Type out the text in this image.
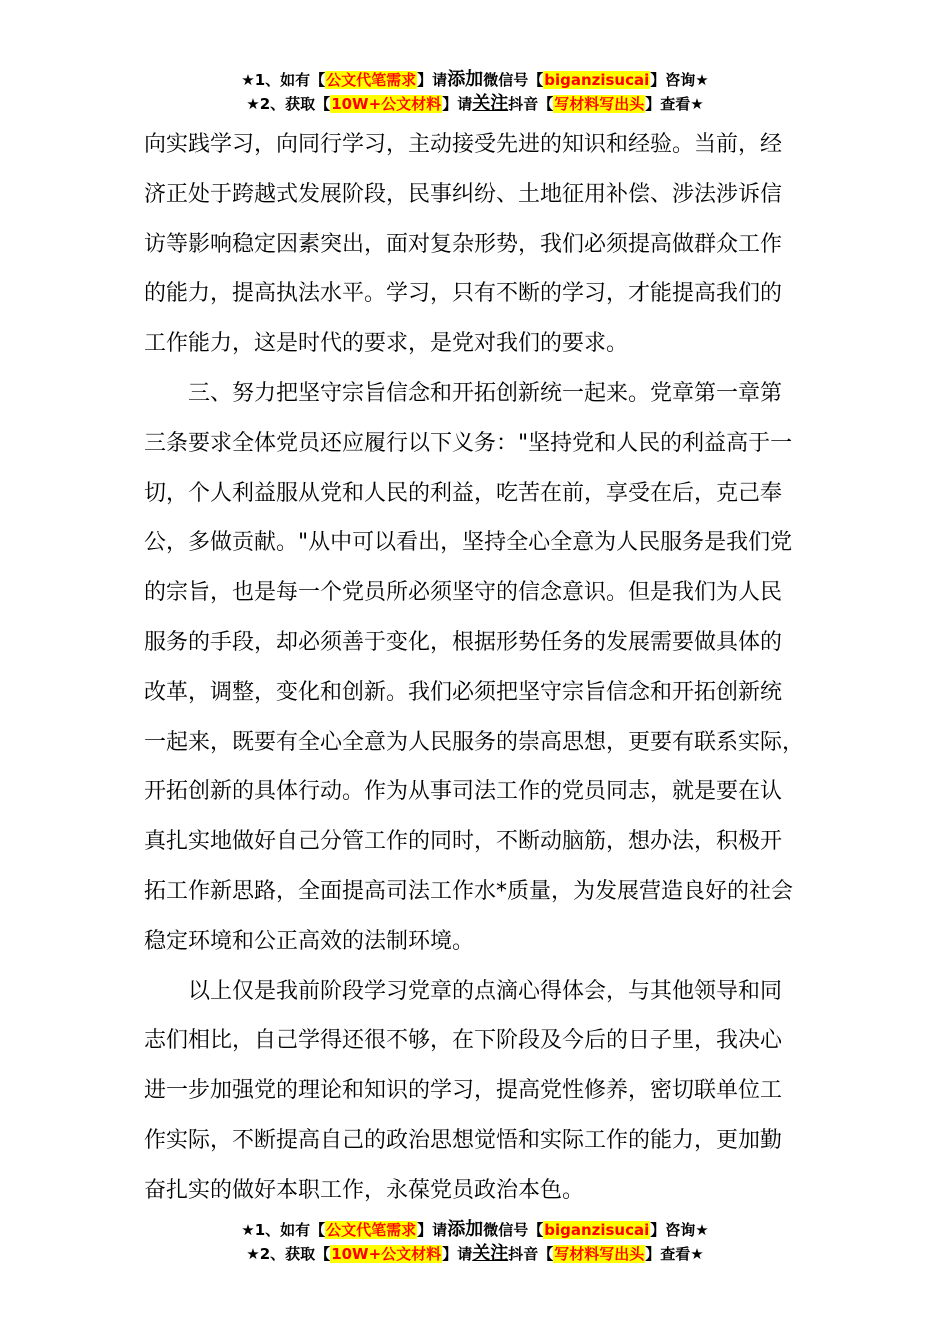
★1、如有【公文代笔需求】请添加微信号【biganzisucai】咨询★
★2、获取【10W+公文材料】请关注抖音【写材料写出头】查看★

向实践学习，向同行学习，主动接受先进的知识和经验。当前，经
济正处于跨越式发展阶段，民事纠纷、土地征用补偿、涉法涉诉信
访等影响稳定因素突出，面对复杂形势，我们必须提高做群众工作
的能力，提高执法水平。学习，只有不断的学习，才能提高我们的
工作能力，这是时代的要求，是党对我们的要求。

三、努力把坚守宗旨信念和开拓创新统一起来。党章第一章第
三条要求全体党员还应履行以下义务："坚持党和人民的利益高于一
切，个人利益服从党和人民的利益，吃苦在前，享受在后，克己奉
公，多做贡献。"从中可以看出，坚持全心全意为人民服务是我们党
的宗旨，也是每一个党员所必须坚守的信念意识。但是我们为人民
服务的手段，却必须善于变化，根据形势任务的发展需要做具体的
改革，调整，变化和创新。我们必须把坚守宗旨信念和开拓创新统
一起来，既要有全心全意为人民服务的崇高思想，更要有联系实际，
开拓创新的具体行动。作为从事司法工作的党员同志，就是要在认
真扎实地做好自己分管工作的同时，不断动脑筋，想办法，积极开
拓工作新思路，全面提高司法工作水*质量，为发展营造良好的社会
稳定环境和公正高效的法制环境。

以上仅是我前阶段学习党章的点滴心得体会，与其他领导和同
志们相比，自己学得还很不够，在下阶段及今后的日子里，我决心
进一步加强党的理论和知识的学习，提高党性修养，密切联单位工
作实际，不断提高自己的政治思想觉悟和实际工作的能力，更加勤
奋扎实的做好本职工作，永葆党员政治本色。

★1、如有【公文代笔需求】请添加微信号【biganzisucai】咨询★
★2、获取【10W+公文材料】请关注抖音【写材料写出头】查看★
